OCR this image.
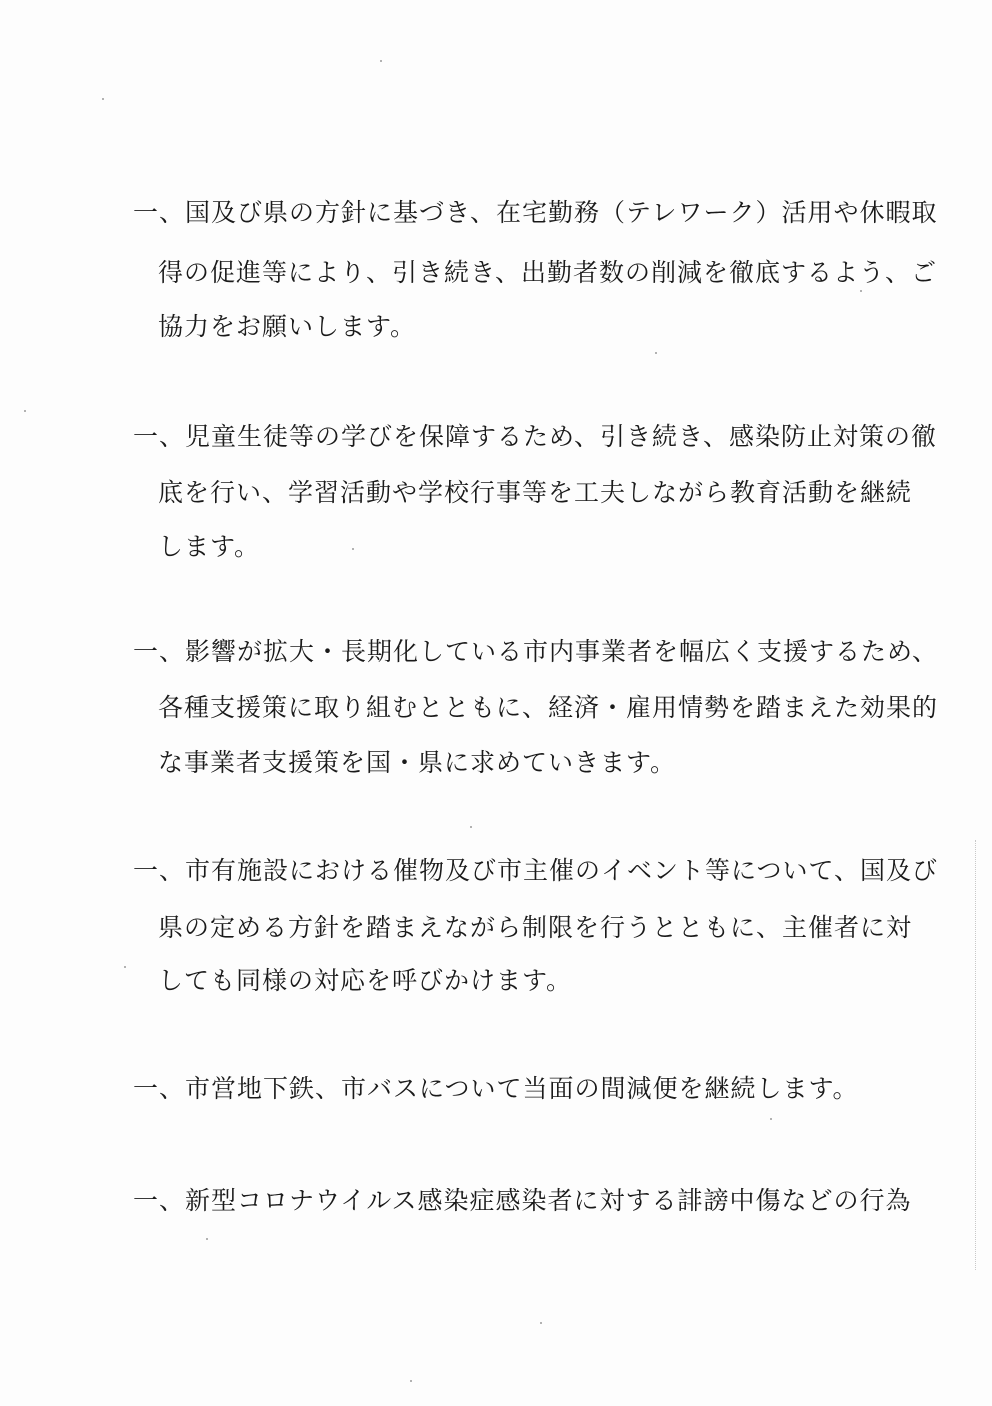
一、国及び県の方針に基づき、在宅勤務（テレワーク）活用や休暇取
得の促進等により、引き続き、出勤者数の削減を徹底するよう、ご
協力をお願いします。
一、児童生徒等の学びを保障するため、引き続き、感染防止対策の徹
底を行い、学習活動や学校行事等を工夫しながら教育活動を継続
します。
一、影響が拡大・長期化している市内事業者を幅広く支援するため、
各種支援策に取り組むとともに、経済・雇用情勢を踏まえた効果的
な事業者支援策を国・県に求めていきます。
一、市有施設における催物及び市主催のイベント等について、国及び
県の定める方針を踏まえながら制限を行うとともに、主催者に対
しても同様の対応を呼びかけます。
一、市営地下鉄、市バスについて当面の間減便を継続します。
一、新型コロナウイルス感染症感染者に対する誹謗中傷などの行為
